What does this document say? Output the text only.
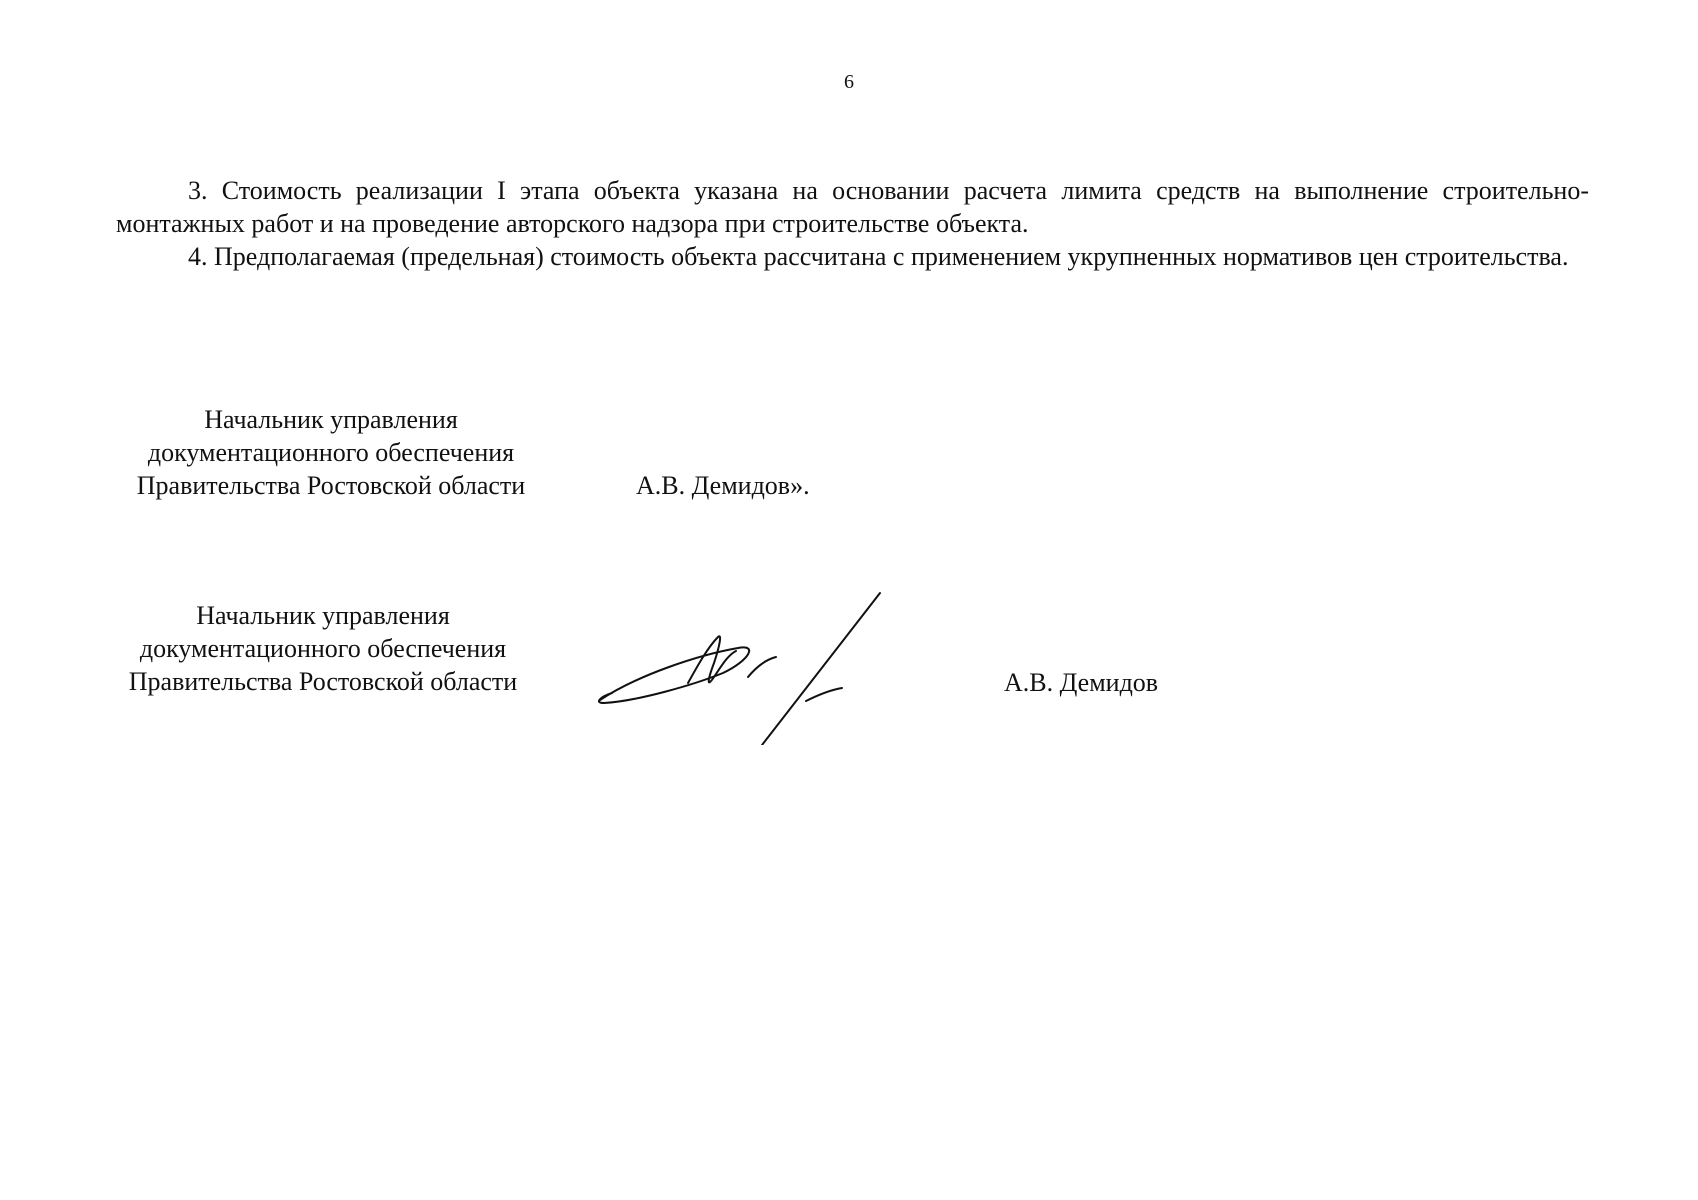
6

3. Стоимость реализации I этапа объекта указана на основании расчета лимита средств на выполнение строительно-монтажных работ и на проведение авторского надзора при строительстве объекта.

4. Предполагаемая (предельная) стоимость объекта рассчитана с применением укрупненных нормативов цен строительства.

Начальник управления
документационного обеспечения
Правительства Ростовской области	А.В. Демидов».
Начальник управления
документационного обеспечения
Правительства Ростовской области	А.В. Демидов
